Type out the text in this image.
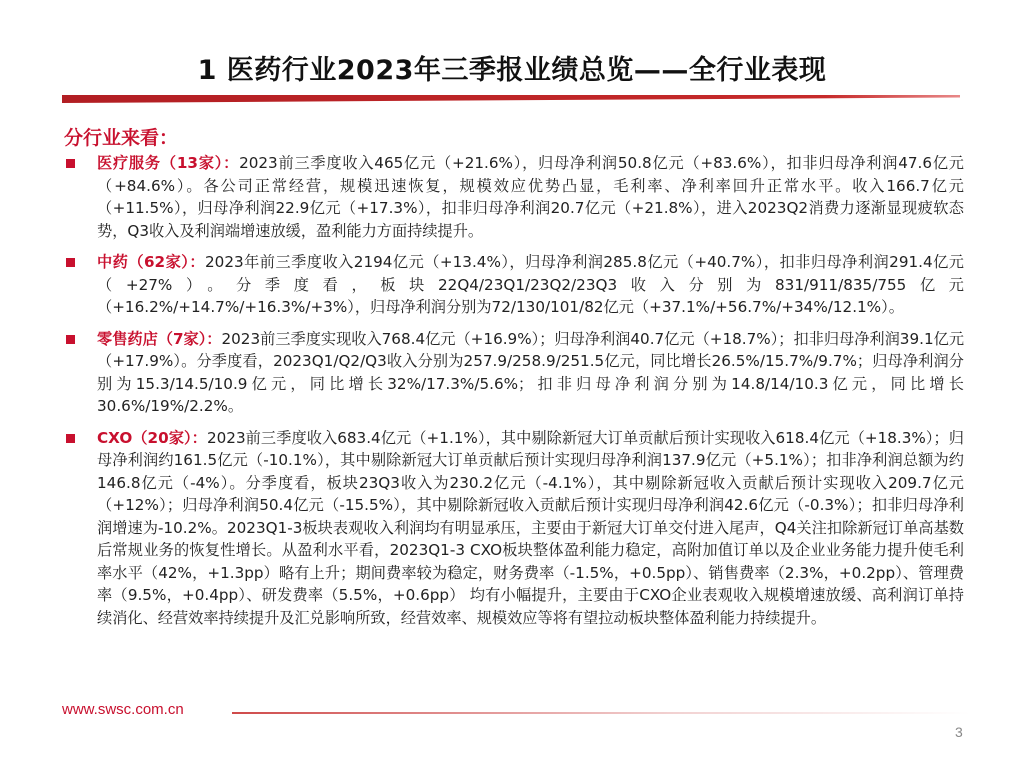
1 医药行业2023年三季报业绩总览——全行业表现
分行业来看：
医疗服务（13家）：2023前三季度收入465亿元（+21.6%），归母净利润50.8亿元（+83.6%），扣非归母净利润47.6亿元（+84.6%）。各公司正常经营，规模迅速恢复，规模效应优势凸显，毛利率、净利率回升正常水平。收入166.7亿元（+11.5%），归母净利润22.9亿元（+17.3%），扣非归母净利润20.7亿元（+21.8%），进入2023Q2消费力逐渐显现疲软态势，Q3收入及利润端增速放缓，盈利能力方面持续提升。
中药（62家）：2023年前三季度收入2194亿元（+13.4%），归母净利润285.8亿元（+40.7%），扣非归母净利润291.4亿元（+27%）。分季度看，板块22Q4/23Q1/23Q2/23Q3收入分别为831/911/835/755亿元（+16.2%/+14.7%/+16.3%/+3%），归母净利润分别为72/130/101/82亿元（+37.1%/+56.7%/+34%/12.1%）。
零售药店（7家）：2023前三季度实现收入768.4亿元（+16.9%）；归母净利润40.7亿元（+18.7%）；扣非归母净利润39.1亿元（+17.9%）。分季度看，2023Q1/Q2/Q3收入分别为257.9/258.9/251.5亿元，同比增长26.5%/15.7%/9.7%；归母净利润分别为15.3/14.5/10.9亿元，同比增长32%/17.3%/5.6%；扣非归母净利润分别为14.8/14/10.3亿元，同比增长30.6%/19%/2.2%。
CXO（20家）：2023前三季度收入683.4亿元（+1.1%），其中剔除新冠大订单贡献后预计实现收入618.4亿元（+18.3%）；归母净利润约161.5亿元（-10.1%），其中剔除新冠大订单贡献后预计实现归母净利润137.9亿元（+5.1%）；扣非净利润总额为约146.8亿元（-4%）。分季度看，板块23Q3收入为230.2亿元（-4.1%），其中剔除新冠收入贡献后预计实现收入209.7亿元（+12%）；归母净利润50.4亿元（-15.5%），其中剔除新冠收入贡献后预计实现归母净利润42.6亿元（-0.3%）；扣非归母净利润增速为-10.2%。2023Q1-3板块表观收入利润均有明显承压，主要由于新冠大订单交付进入尾声，Q4关注扣除新冠订单高基数后常规业务的恢复性增长。从盈利水平看，2023Q1-3 CXO板块整体盈利能力稳定，高附加值订单以及企业业务能力提升使毛利率水平（42%，+1.3pp）略有上升；期间费率较为稳定，财务费率（-1.5%，+0.5pp）、销售费率（2.3%，+0.2pp）、管理费率（9.5%，+0.4pp）、研发费率（5.5%，+0.6pp） 均有小幅提升，主要由于CXO企业表观收入规模增速放缓、高利润订单持续消化、经营效率持续提升及汇兑影响所致，经营效率、规模效应等将有望拉动板块整体盈利能力持续提升。
www.swsc.com.cn
3
